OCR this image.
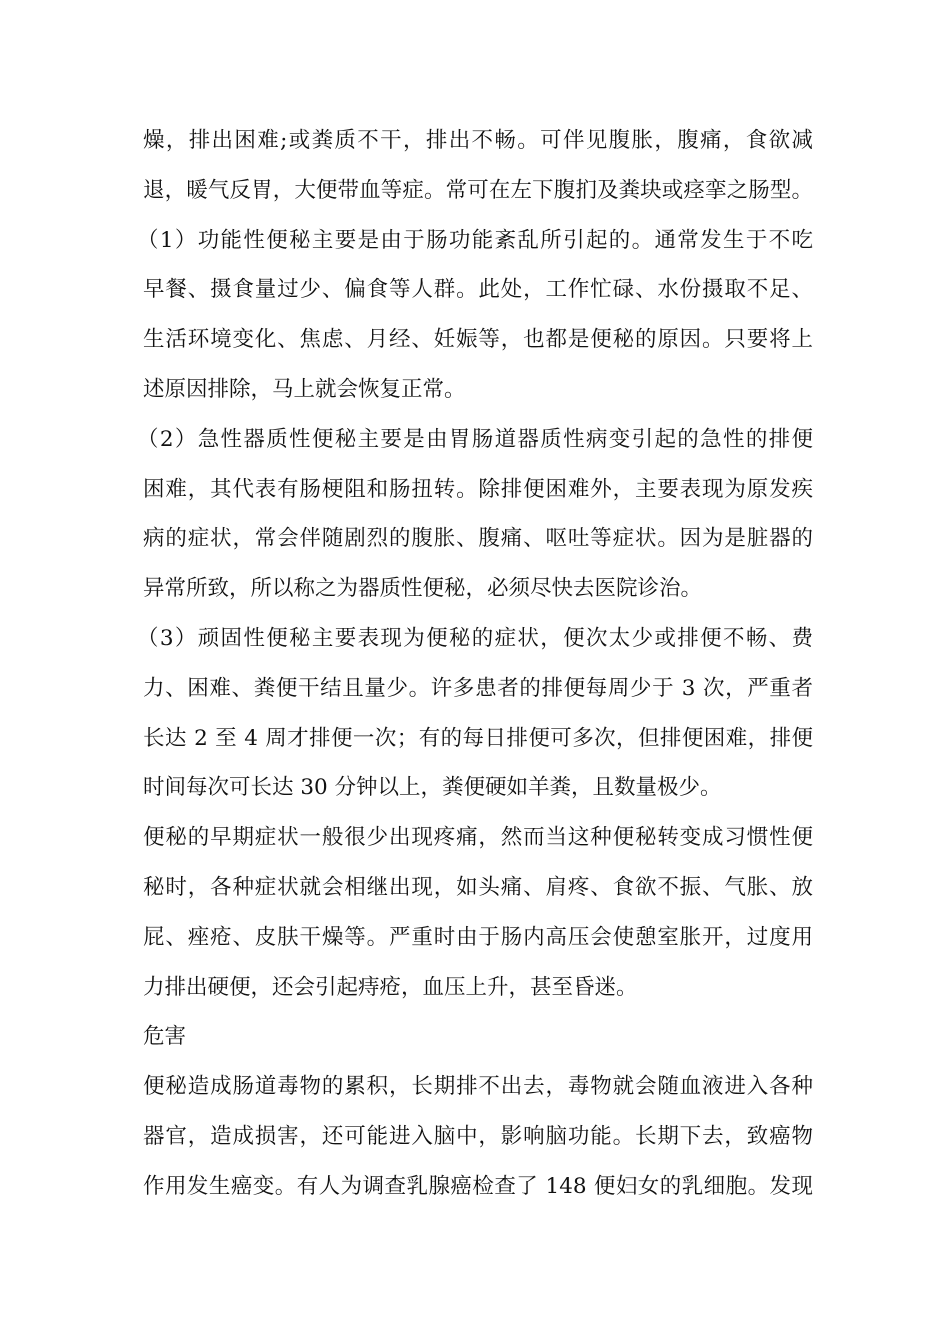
燥，排出困难;或粪质不干，排出不畅。可伴见腹胀，腹痛，食欲减
退，暖气反胃，大便带血等症。常可在左下腹扪及粪块或痉挛之肠型。
（1）功能性便秘主要是由于肠功能紊乱所引起的。通常发生于不吃
早餐、摄食量过少、偏食等人群。此处，工作忙碌、水份摄取不足、
生活环境变化、焦虑、月经、妊娠等，也都是便秘的原因。只要将上
述原因排除，马上就会恢复正常。
（2）急性器质性便秘主要是由胃肠道器质性病变引起的急性的排便
困难，其代表有肠梗阻和肠扭转。除排便困难外，主要表现为原发疾
病的症状，常会伴随剧烈的腹胀、腹痛、呕吐等症状。因为是脏器的
异常所致，所以称之为器质性便秘，必须尽快去医院诊治。
（3）顽固性便秘主要表现为便秘的症状，便次太少或排便不畅、费
力、困难、粪便干结且量少。许多患者的排便每周少于 3 次，严重者
长达 2 至 4 周才排便一次；有的每日排便可多次，但排便困难，排便
时间每次可长达 30 分钟以上，粪便硬如羊粪，且数量极少。
便秘的早期症状一般很少出现疼痛，然而当这种便秘转变成习惯性便
秘时，各种症状就会相继出现，如头痛、肩疼、食欲不振、气胀、放
屁、痤疮、皮肤干燥等。严重时由于肠内高压会使憩室胀开，过度用
力排出硬便，还会引起痔疮，血压上升，甚至昏迷。
危害
便秘造成肠道毒物的累积，长期排不出去，毒物就会随血液进入各种
器官，造成损害，还可能进入脑中，影响脑功能。长期下去，致癌物
作用发生癌变。有人为调查乳腺癌检查了 148 便妇女的乳细胞。发现
